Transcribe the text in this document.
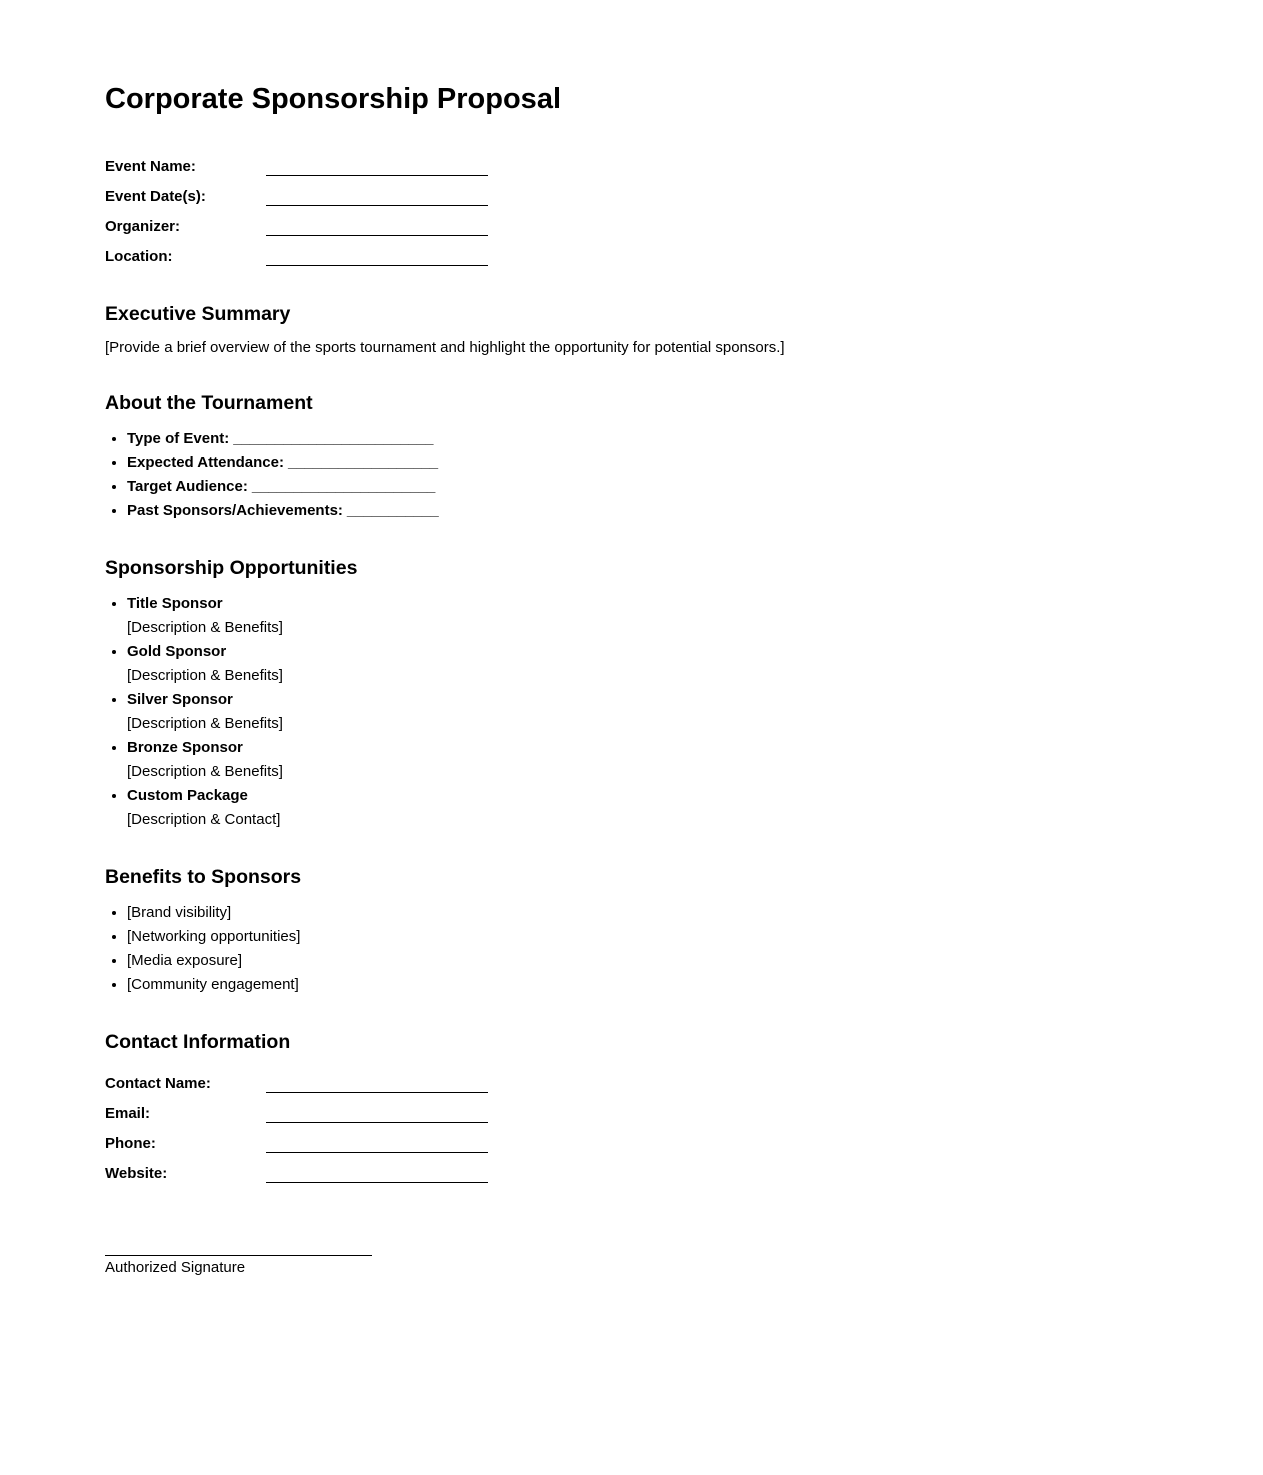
Corporate Sponsorship Proposal
Event Name:
Event Date(s):
Organizer:
Location:
Executive Summary

[Provide a brief overview of the sports tournament and highlight the opportunity for potential sponsors.]

About the Tournament
• Type of Event: ________________________
• Expected Attendance: __________________
• Target Audience: ______________________
• Past Sponsors/Achievements: ___________
Sponsorship Opportunities
• Title Sponsor
[Description & Benefits]
• Gold Sponsor
[Description & Benefits]
• Silver Sponsor
[Description & Benefits]
• Bronze Sponsor
[Description & Benefits]
• Custom Package
[Description & Contact]
Benefits to Sponsors
• [Brand visibility]
• [Networking opportunities]
• [Media exposure]
• [Community engagement]
Contact Information
Contact Name:
Email:
Phone:
Website:
Authorized Signature
